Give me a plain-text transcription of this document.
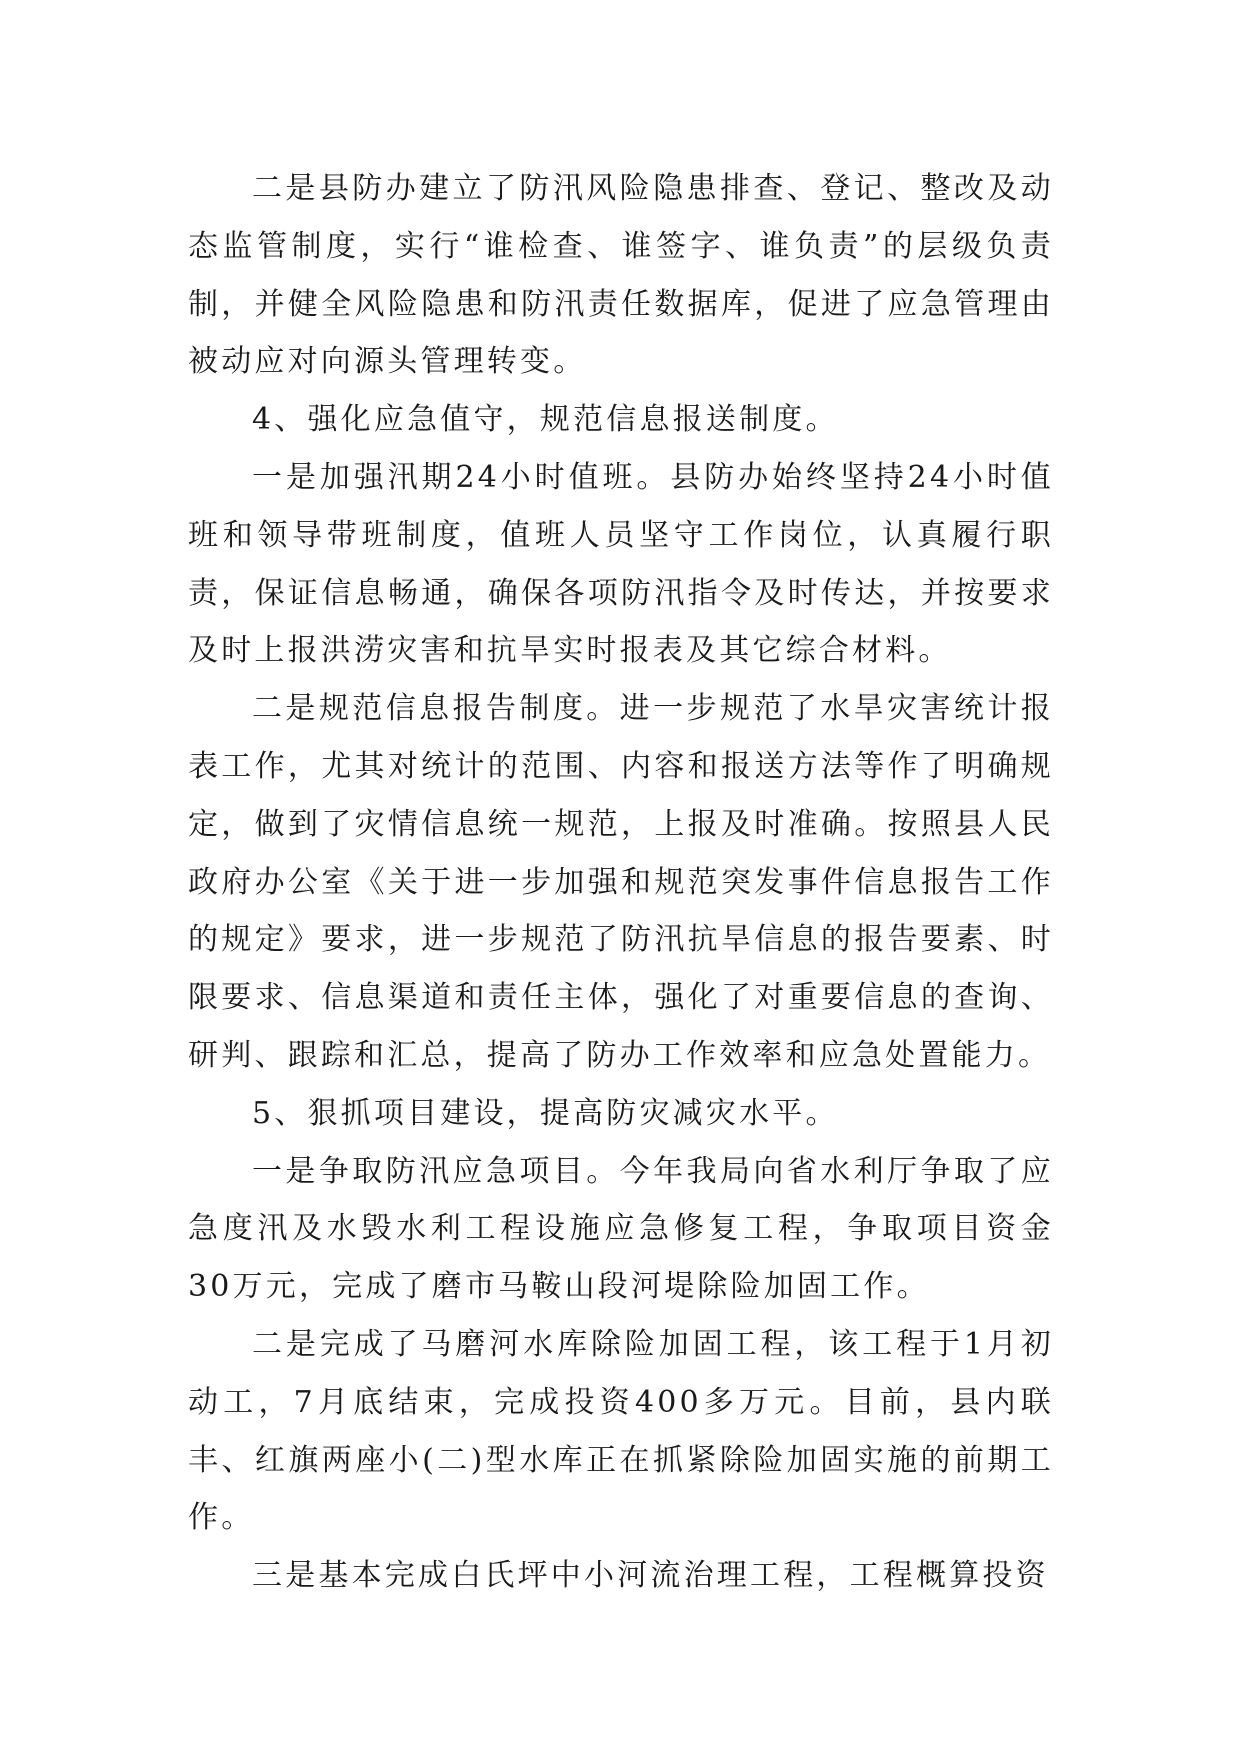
二是县防办建立了防汛风险隐患排查、登记、整改及动态监管制度，实行“谁检查、谁签字、谁负责”的层级负责制，并健全风险隐患和防汛责任数据库，促进了应急管理由被动应对向源头管理转变。

4、强化应急值守，规范信息报送制度。

一是加强汛期24小时值班。县防办始终坚持24小时值班和领导带班制度，值班人员坚守工作岗位，认真履行职责，保证信息畅通，确保各项防汛指令及时传达，并按要求及时上报洪涝灾害和抗旱实时报表及其它综合材料。

二是规范信息报告制度。进一步规范了水旱灾害统计报表工作，尤其对统计的范围、内容和报送方法等作了明确规定，做到了灾情信息统一规范，上报及时准确。按照县人民政府办公室《关于进一步加强和规范突发事件信息报告工作的规定》要求，进一步规范了防汛抗旱信息的报告要素、时限要求、信息渠道和责任主体，强化了对重要信息的查询、研判、跟踪和汇总，提高了防办工作效率和应急处置能力。

5、狠抓项目建设，提高防灾减灾水平。

一是争取防汛应急项目。今年我局向省水利厅争取了应急度汛及水毁水利工程设施应急修复工程，争取项目资金30万元，完成了磨市马鞍山段河堤除险加固工作。

二是完成了马磨河水库除险加固工程，该工程于1月初动工，7月底结束，完成投资400多万元。目前，县内联丰、红旗两座小(二)型水库正在抓紧除险加固实施的前期工作。

三是基本完成白氏坪中小河流治理工程，工程概算投资
